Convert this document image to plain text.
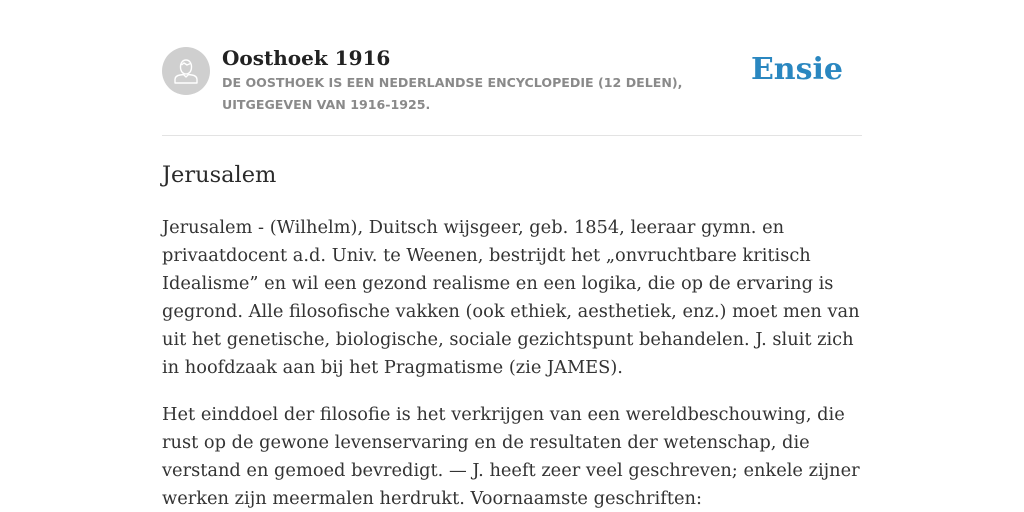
Oosthoek 1916

DE OOSTHOEK IS EEN NEDERLANDSE ENCYCLOPEDIE (12 DELEN), UITGEGEVEN VAN 1916-1925.

Ensie
Jerusalem

Jerusalem - (Wilhelm), Duitsch wijsgeer, geb. 1854, leeraar gymn. en privaatdocent a.d. Univ. te Weenen, bestrijdt het „onvruchtbare kritisch Idealisme” en wil een gezond realisme en een logika, die op de ervaring is gegrond. Alle filosofische vakken (ook ethiek, aesthetiek, enz.) moet men van uit het genetische, biologische, sociale gezichtspunt behandelen. J. sluit zich in hoofdzaak aan bij het Pragmatisme (zie JAMES).

Het einddoel der filosofie is het verkrijgen van een wereldbeschouwing, die rust op de gewone levenservaring en de resultaten der wetenschap, die verstand en gemoed bevredigt. — J. heeft zeer veel geschreven; enkele zijner werken zijn meermalen herdrukt. Voornaamste geschriften:
